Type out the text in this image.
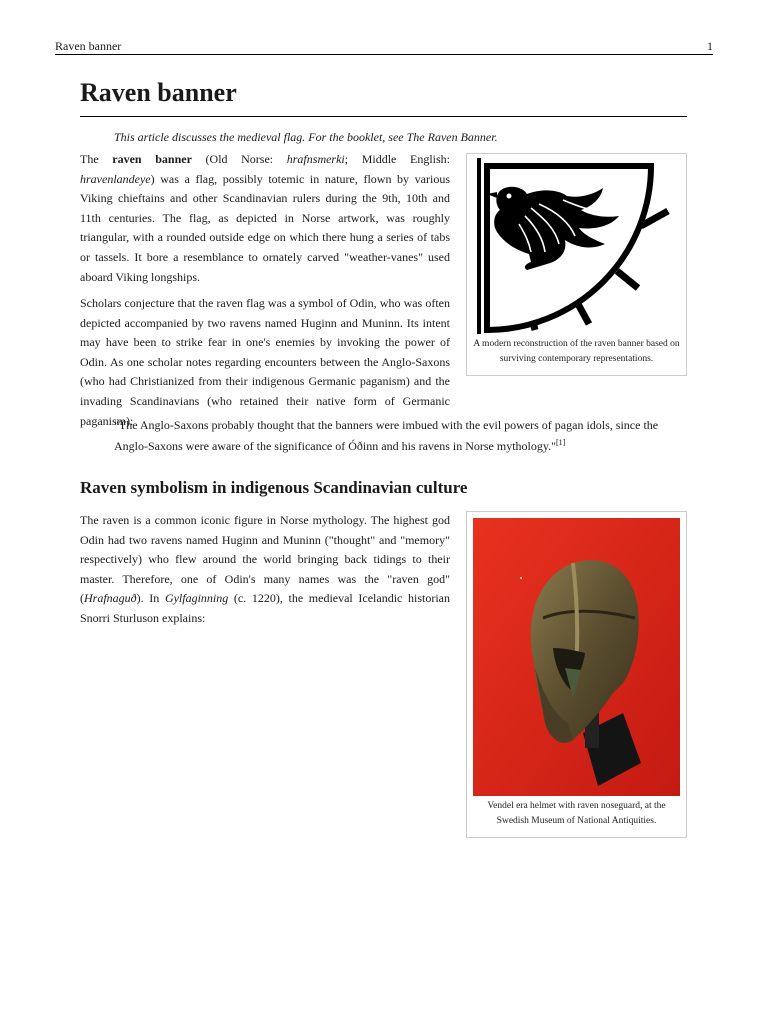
Raven banner	1
Raven banner
This article discusses the medieval flag. For the booklet, see The Raven Banner.

The raven banner (Old Norse: hrafnsmerki; Middle English: hravenlandeye) was a flag, possibly totemic in nature, flown by various Viking chieftains and other Scandinavian rulers during the 9th, 10th and 11th centuries. The flag, as depicted in Norse artwork, was roughly triangular, with a rounded outside edge on which there hung a series of tabs or tassels. It bore a resemblance to ornately carved "weather-vanes" used aboard Viking longships.

Scholars conjecture that the raven flag was a symbol of Odin, who was often depicted accompanied by two ravens named Huginn and Muninn. Its intent may have been to strike fear in one's enemies by invoking the power of Odin. As one scholar notes regarding encounters between the Anglo-Saxons (who had Christianized from their indigenous Germanic paganism) and the invading Scandinavians (who retained their native form of Germanic paganism):

A modern reconstruction of the raven banner based on surviving contemporary representations.
"The Anglo-Saxons probably thought that the banners were imbued with the evil powers of pagan idols, since the Anglo-Saxons were aware of the significance of Óðinn and his ravens in Norse mythology."[1]
Raven symbolism in indigenous Scandinavian culture

The raven is a common iconic figure in Norse mythology. The highest god Odin had two ravens named Huginn and Muninn ("thought" and "memory" respectively) who flew around the world bringing back tidings to their master. Therefore, one of Odin's many names was the "raven god" (Hrafnaguð). In Gylfaginning (c. 1220), the medieval Icelandic historian Snorri Sturluson explains:

Vendel era helmet with raven noseguard, at the Swedish Museum of National Antiquities.
